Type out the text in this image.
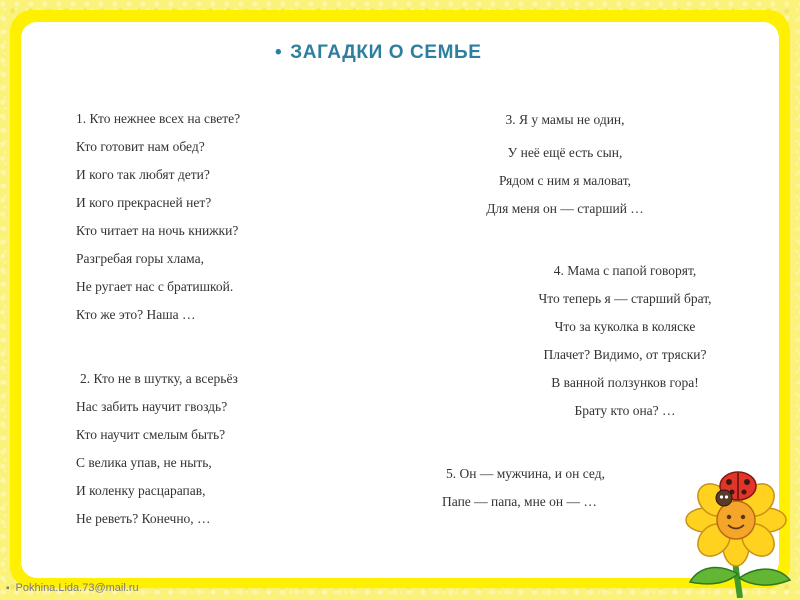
• ЗАГАДКИ О СЕМЬЕ
1. Кто нежнее всех на свете?
Кто готовит нам обед?
И кого так любят дети?
И кого прекрасней нет?
Кто читает на ночь книжки?
Разгребая горы хлама,
Не ругает нас с братишкой.
Кто же это? Наша …
2. Кто не в шутку, а всерьёз
Нас забить научит гвоздь?
Кто научит смелым быть?
С велика упав, не ныть,
И коленку расцарапав,
Не реветь? Конечно, …
3. Я у мамы не один,
У неё ещё есть сын,
Рядом с ним я маловат,
Для меня он — старший …
4. Мама с папой говорят,
Что теперь я — старший брат,
Что за куколка в коляске
Плачет? Видимо, от тряски?
В ванной ползунков гора!
Брату кто она? …
5. Он — мужчина, и он сед,
Папе — папа, мне он — …
▪ Pokhina.Lida.73@mail.ru
